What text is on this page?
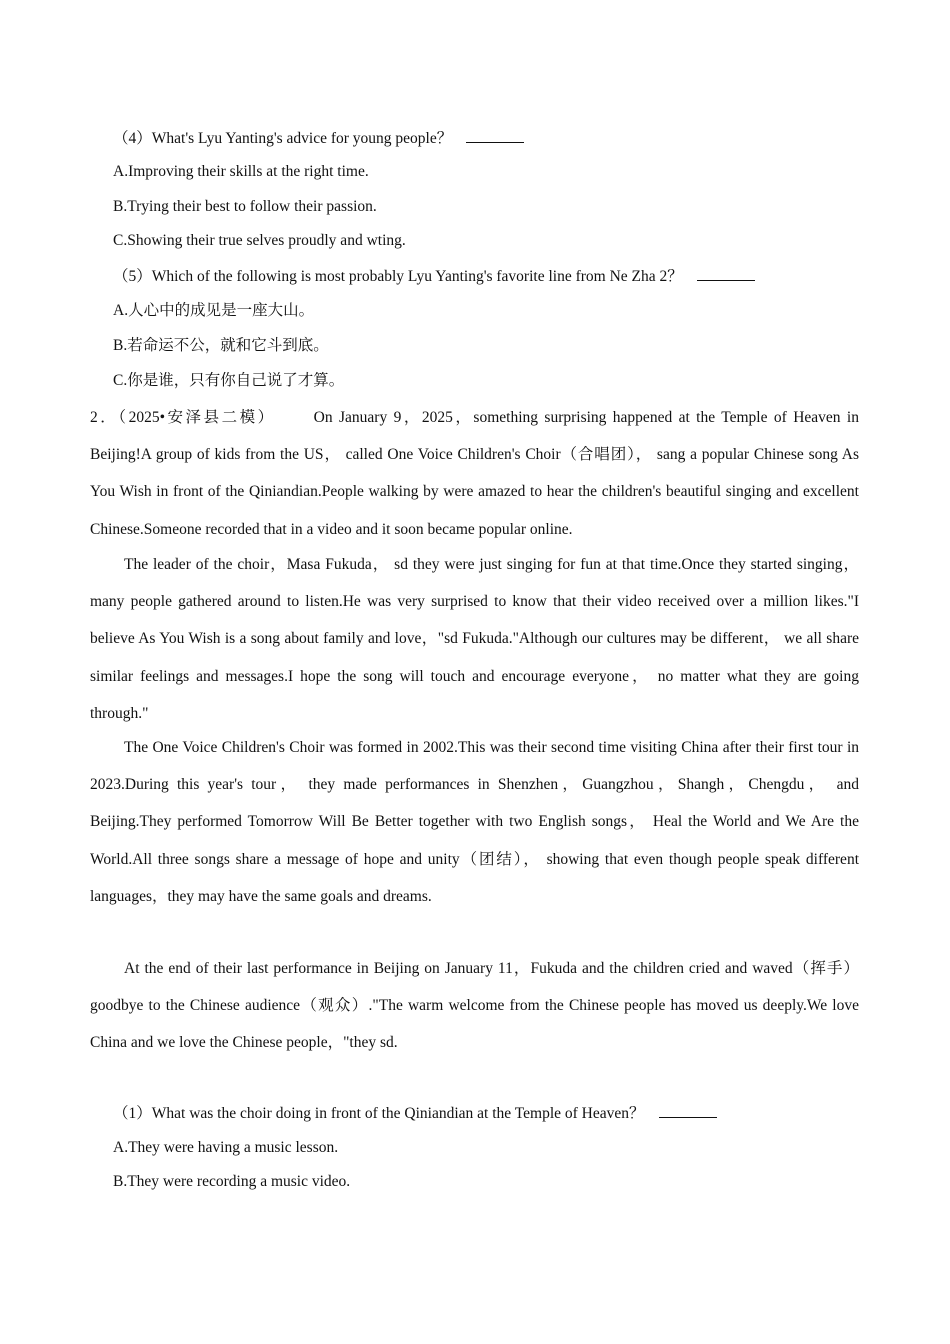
（4）What's Lyu Yanting's advice for young people？
A.Improving their skills at the right time.
B.Trying their best to follow their passion.
C.Showing their true selves proudly and wting.
（5）Which of the following is most probably Lyu Yanting's favorite line from Ne Zha 2？
A.人心中的成见是一座大山。
B.若命运不公，就和它斗到底。
C.你是谁，只有你自己说了才算。

2．（2025•安泽县二模） On January 9，2025，something surprising happened at the Temple of Heaven in Beijing!A group of kids from the US， called One Voice Children's Choir（合唱团）， sang a popular Chinese song As You Wish in front of the Qiniandian.People walking by were amazed to hear the children's beautiful singing and excellent Chinese.Someone recorded that in a video and it soon became popular online.

The leader of the choir，Masa Fukuda， sd they were just singing for fun at that time.Once they started singing，many people gathered around to listen.He was very surprised to know that their video received over a million likes."I believe As You Wish is a song about family and love，"sd Fukuda."Although our cultures may be different， we all share similar feelings and messages.I hope the song will touch and encourage everyone， no matter what they are going through."

The One Voice Children's Choir was formed in 2002.This was their second time visiting China after their first tour in 2023.During this year's tour， they made performances in Shenzhen，Guangzhou，Shangh，Chengdu， and Beijing.They performed Tomorrow Will Be Better together with two English songs， Heal the World and We Are the World.All three songs share a message of hope and unity（团结）， showing that even though people speak different languages，they may have the same goals and dreams.

At the end of their last performance in Beijing on January 11，Fukuda and the children cried and waved（挥手） goodbye to the Chinese audience（观众）."The warm welcome from the Chinese people has moved us deeply.We love China and we love the Chinese people，"they sd.

（1）What was the choir doing in front of the Qiniandian at the Temple of Heaven？
A.They were having a music lesson.
B.They were recording a music video.
